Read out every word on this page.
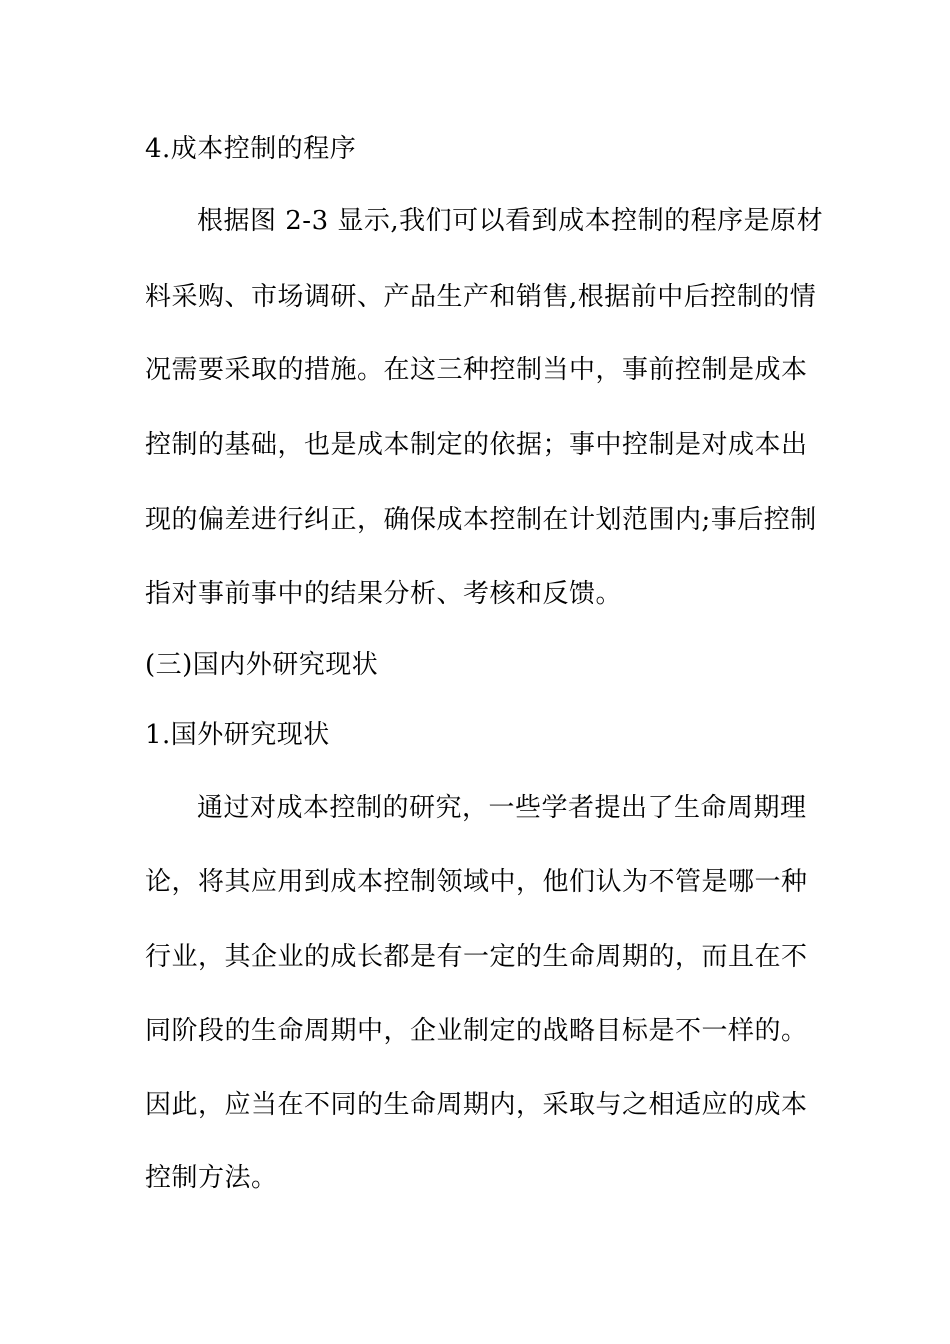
4.成本控制的程序
根据图 2-3 显示,我们可以看到成本控制的程序是原材
料采购、市场调研、产品生产和销售,根据前中后控制的情
况需要采取的措施。在这三种控制当中，事前控制是成本
控制的基础，也是成本制定的依据；事中控制是对成本出
现的偏差进行纠正，确保成本控制在计划范围内;事后控制
指对事前事中的结果分析、考核和反馈。
(三)国内外研究现状
1.国外研究现状
通过对成本控制的研究，一些学者提出了生命周期理
论，将其应用到成本控制领域中，他们认为不管是哪一种
行业，其企业的成长都是有一定的生命周期的，而且在不
同阶段的生命周期中，企业制定的战略目标是不一样的。
因此，应当在不同的生命周期内，采取与之相适应的成本
控制方法。
